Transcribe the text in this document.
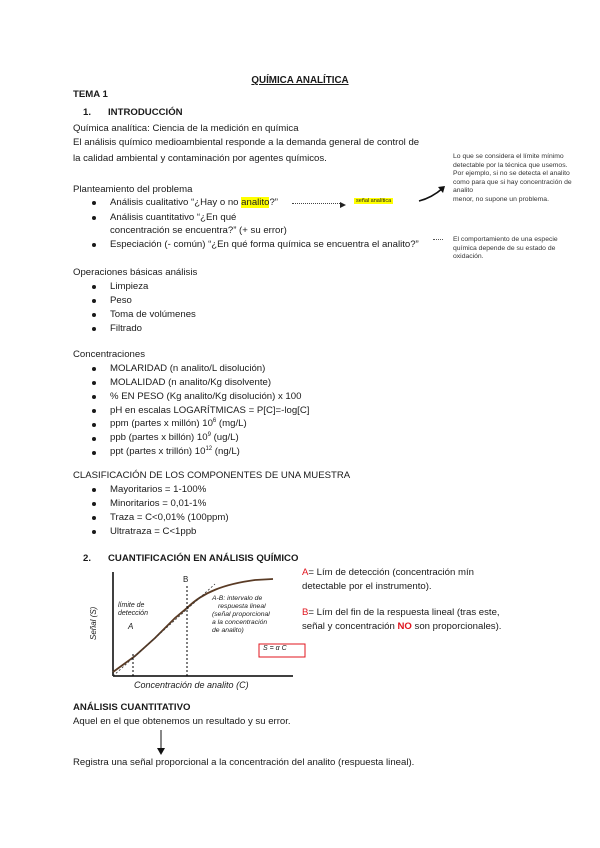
QUÍMICA ANALÍTICA
TEMA 1
1. INTRODUCCIÓN
Química analítica: Ciencia de la medición en química
El análisis químico medioambiental responde a la demanda general de control de
la calidad ambiental y contaminación por agentes químicos.
Planteamiento del problema
Análisis cualitativo “¿Hay o no analito?”	señal analítica
Análisis cuantitativo “¿En qué
concentración se encuentra?” (+ su error)
Especiación (- común) “¿En qué forma química se encuentra el analito?”
Lo que se considera el límite mínimo
detectable por la técnica que usemos.
Por ejemplo, si no se detecta el analito
como para que si hay concentración de analito
menor, no supone un problema.
El comportamiento de una especie
química depende de su estado de
oxidación.
Operaciones básicas análisis
Limpieza
Peso
Toma de volúmenes
Filtrado
Concentraciones
MOLARIDAD (n analito/L disolución)
MOLALIDAD (n analito/Kg disolvente)
% EN PESO (Kg analito/Kg disolución) x 100
pH en escalas LOGARÍTMICAS = P[C]=-log[C]
ppm (partes x millón) $10^6$ (mg/L)
ppb (partes x billón) $10^9$ (ug/L)
ppt (partes x trillón) $10^{12}$ (ng/L)
CLASIFICACIÓN DE LOS COMPONENTES DE UNA MUESTRA
Mayoritarios = 1-100%
Minoritarios = 0,01-1%
Traza = C<0,01% (100ppm)
Ultratraza = C<1ppb
2. CUANTIFICACIÓN EN ANÁLISIS QUÍMICO
Señal (S)
Concentración de analito (C)
B
A
límite de
detección
A-B: intervalo de
respuesta lineal
(señal proporcional
a la concentración
de analito)
S = α C
A= Lím de detección (concentración mín
detectable por el instrumento).
B= Lím del fin de la respuesta lineal (tras este,
señal y concentración NO son proporcionales).
ANÁLISIS CUANTITATIVO
Aquel en el que obtenemos un resultado y su error.
Registra una señal proporcional a la concentración del analito (respuesta lineal).
